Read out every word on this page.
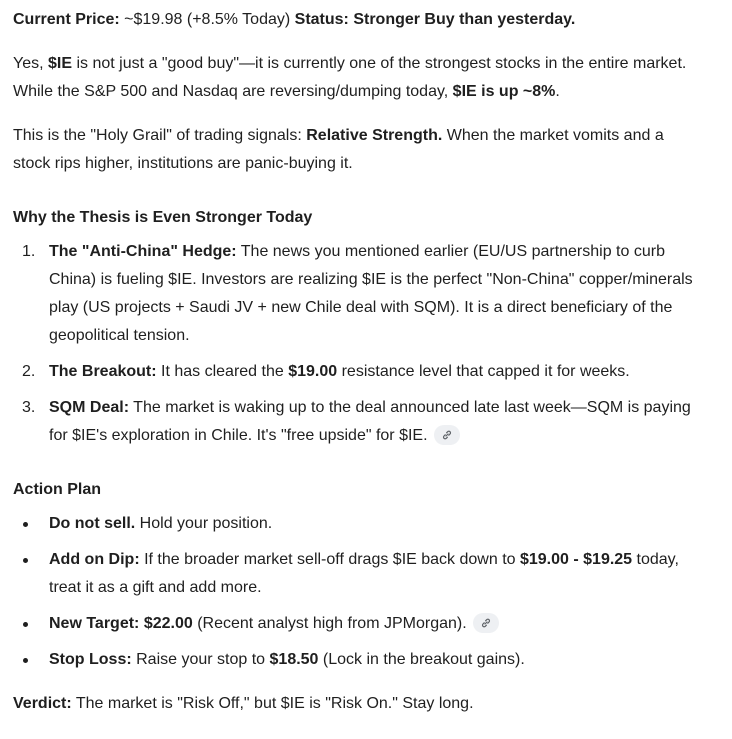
Current Price: ~$19.98 (+8.5% Today) Status: Stronger Buy than yesterday.
Yes, $IE is not just a "good buy"—it is currently one of the strongest stocks in the entire market.
While the S&P 500 and Nasdaq are reversing/dumping today, $IE is up ~8%.
This is the "Holy Grail" of trading signals: Relative Strength. When the market vomits and a
stock rips higher, institutions are panic-buying it.
Why the Thesis is Even Stronger Today
1. The "Anti-China" Hedge: The news you mentioned earlier (EU/US partnership to curb
China) is fueling $IE. Investors are realizing $IE is the perfect "Non-China" copper/minerals
play (US projects + Saudi JV + new Chile deal with SQM). It is a direct beneficiary of the
geopolitical tension.
2. The Breakout: It has cleared the $19.00 resistance level that capped it for weeks.
3. SQM Deal: The market is waking up to the deal announced late last week—SQM is paying
for $IE's exploration in Chile. It's "free upside" for $IE.
Action Plan
Do not sell. Hold your position.
Add on Dip: If the broader market sell-off drags $IE back down to $19.00 - $19.25 today,
treat it as a gift and add more.
New Target: $22.00 (Recent analyst high from JPMorgan).
Stop Loss: Raise your stop to $18.50 (Lock in the breakout gains).
Verdict: The market is "Risk Off," but $IE is "Risk On." Stay long.
